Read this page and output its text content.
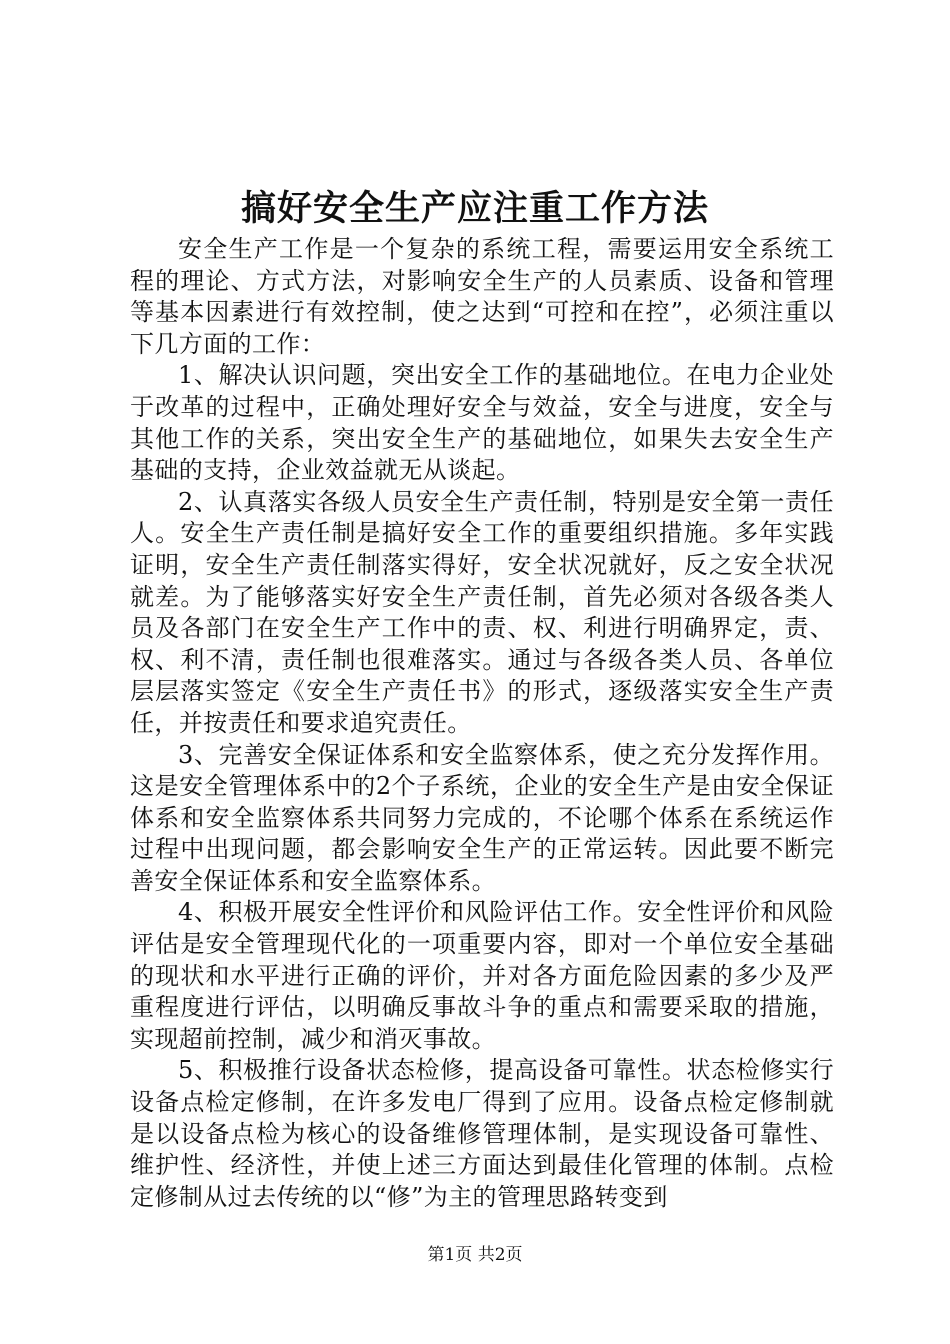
搞好安全生产应注重工作方法

安全生产工作是一个复杂的系统工程，需要运用安全系统工程的理论、方式方法，对影响安全生产的人员素质、设备和管理等基本因素进行有效控制，使之达到“可控和在控”，必须注重以下几方面的工作：

1、解决认识问题，突出安全工作的基础地位。在电力企业处于改革的过程中，正确处理好安全与效益，安全与进度，安全与其他工作的关系，突出安全生产的基础地位，如果失去安全生产基础的支持，企业效益就无从谈起。

2、认真落实各级人员安全生产责任制，特别是安全第一责任人。安全生产责任制是搞好安全工作的重要组织措施。多年实践证明，安全生产责任制落实得好，安全状况就好，反之安全状况就差。为了能够落实好安全生产责任制，首先必须对各级各类人员及各部门在安全生产工作中的责、权、利进行明确界定，责、权、利不清，责任制也很难落实。通过与各级各类人员、各单位层层落实签定《安全生产责任书》的形式，逐级落实安全生产责任，并按责任和要求追究责任。

3、完善安全保证体系和安全监察体系，使之充分发挥作用。这是安全管理体系中的2个子系统，企业的安全生产是由安全保证体系和安全监察体系共同努力完成的，不论哪个体系在系统运作过程中出现问题，都会影响安全生产的正常运转。因此要不断完善安全保证体系和安全监察体系。

4、积极开展安全性评价和风险评估工作。安全性评价和风险评估是安全管理现代化的一项重要内容，即对一个单位安全基础的现状和水平进行正确的评价，并对各方面危险因素的多少及严重程度进行评估，以明确反事故斗争的重点和需要采取的措施，实现超前控制，减少和消灭事故。

5、积极推行设备状态检修，提高设备可靠性。状态检修实行设备点检定修制，在许多发电厂得到了应用。设备点检定修制就是以设备点检为核心的设备维修管理体制，是实现设备可靠性、维护性、经济性，并使上述三方面达到最佳化管理的体制。点检定修制从过去传统的以“修”为主的管理思路转变到

第1页 共2页
